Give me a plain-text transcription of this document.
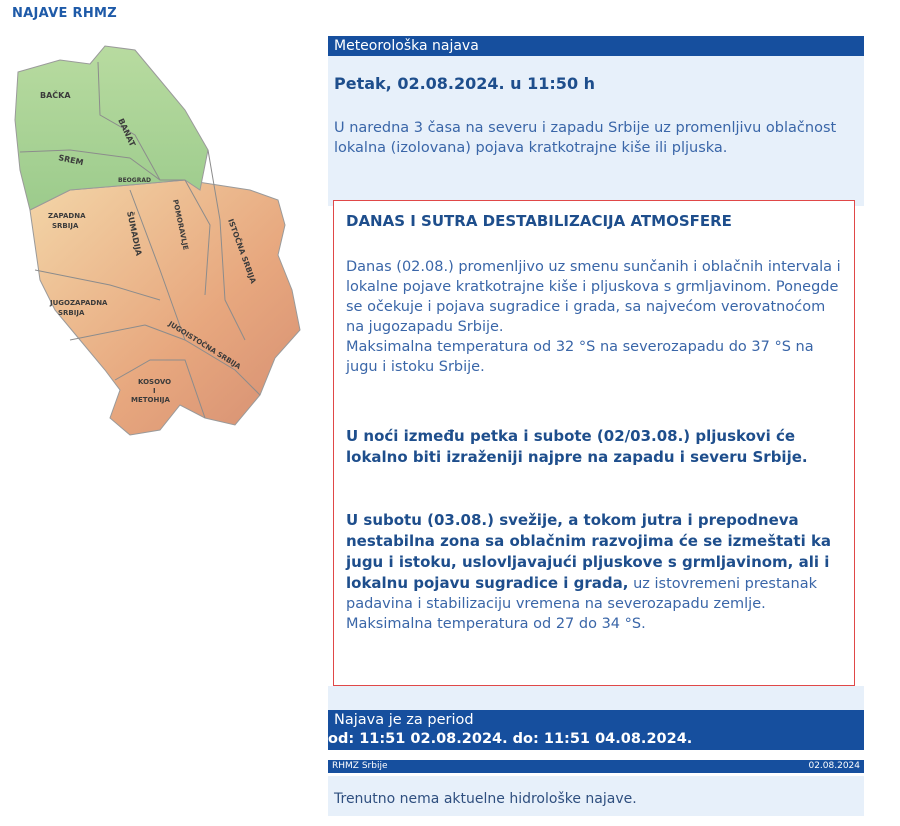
NAJAVE RHMZ
BAČKA
BANAT
SREM
BEOGRAD
ZAPADNA
SRBIJA	ŠUMADIJA	POMORAVLJE	ISTOČNA SRBIJA
JUGOZAPADNA
SRBIJA
JUGOISTOČNA SRBIJA
KOSOVO
I
METOHIJA
Meteorološka najava
Petak, 02.08.2024. u 11:50 h
U naredna 3 časa na severu i zapadu Srbije uz promenljivu oblačnost lokalna (izolovana) pojava kratkotrajne kiše ili pljuska.
DANAS I SUTRA DESTABILIZACIJA ATMOSFERE
Danas (02.08.) promenljivo uz smenu sunčanih i oblačnih intervala i lokalne pojave kratkotrajne kiše i pljuskova s grmljavinom. Ponegde se očekuje i pojava sugradice i grada, sa najvećom verovatnoćom na jugozapadu Srbije.
Maksimalna temperatura od 32 °S na severozapadu do 37 °S na jugu i istoku Srbije.
U noći između petka i subote (02/03.08.) pljuskovi će lokalno biti izraženiji najpre na zapadu i severu Srbije.
U subotu (03.08.) svežije, a tokom jutra i prepodneva nestabilna zona sa oblačnim razvojima će se izmeštati ka jugu i istoku, uslovljavajući pljuskove s grmljavinom, ali i lokalnu pojavu sugradice i grada, uz istovremeni prestanak padavina i stabilizaciju vremena na severozapadu zemlje. Maksimalna temperatura od 27 do 34 °S.
Najava je za period
od: 11:51 02.08.2024. do: 11:51 04.08.2024.
RHMZ Srbije	02.08.2024
Trenutno nema aktuelne hidrološke najave.
